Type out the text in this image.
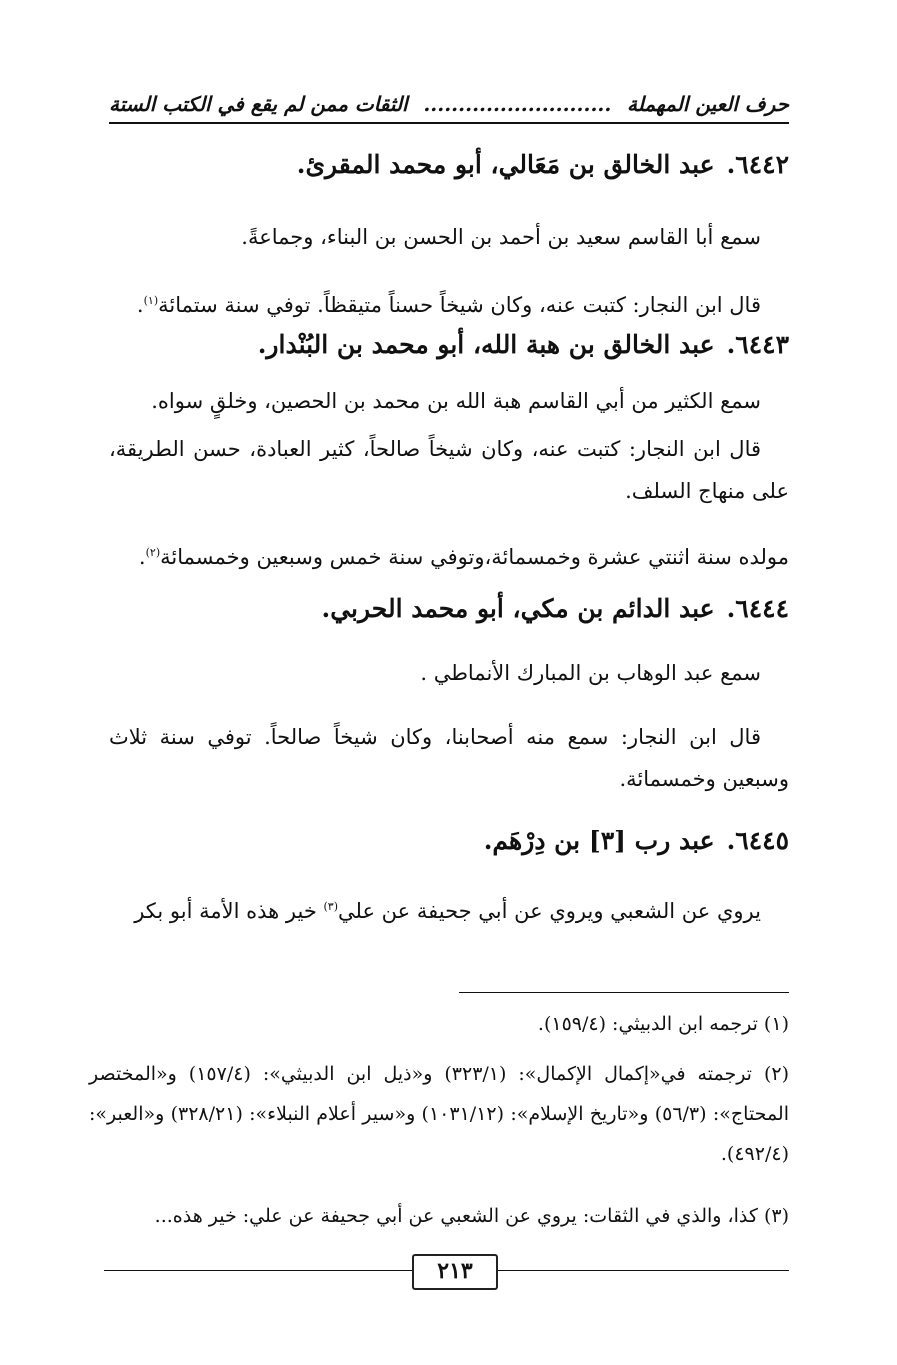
حرف العين المهملة
...........................
الثقات ممن لم يقع في الكتب الستة
٦٤٤٢.عبد الخالق بن مَعَالي، أبو محمد المقرئ.
سمع أبا القاسم سعيد بن أحمد بن الحسن بن البناء، وجماعةً.
قال ابن النجار: كتبت عنه، وكان شيخاً حسناً متيقظاً. توفي سنة ستمائة$^{(١)}$.
٦٤٤٣.عبد الخالق بن هبة الله، أبو محمد بن البُنْدار.
سمع الكثير من أبي القاسم هبة الله بن محمد بن الحصين، وخلقٍ سواه.
قال ابن النجار: كتبت عنه، وكان شيخاً صالحاً، كثير العبادة، حسن الطريقة، على منهاج السلف.
مولده سنة اثنتي عشرة وخمسمائة،وتوفي سنة خمس وسبعين وخمسمائة$^{(٢)}$.
٦٤٤٤.عبد الدائم بن مكي، أبو محمد الحربي.
سمع عبد الوهاب بن المبارك الأنماطي .
قال ابن النجار: سمع منه أصحابنا، وكان شيخاً صالحاً. توفي سنة ثلاث وسبعين وخمسمائة.
٦٤٤٥.عبد رب [٣] بن دِرْهَم.
يروي عن الشعبي ويروي عن أبي جحيفة عن علي$^{(٣)}$ خير هذه الأمة أبو بكر
(١) ترجمه ابن الدبيثي: (١٥٩/٤).
(٢) ترجمته في«إكمال الإكمال»: (٣٢٣/١) و«ذيل ابن الدبيثي»: (١٥٧/٤) و«المختصر المحتاج»: (٥٦/٣) و«تاريخ الإسلام»: (١٠٣١/١٢) و«سير أعلام النبلاء»: (٣٢٨/٢١) و«العبر»: (٤٩٢/٤).
(٣) كذا، والذي في الثقات: يروي عن الشعبي عن أبي جحيفة عن علي: خير هذه...
٢١٣
